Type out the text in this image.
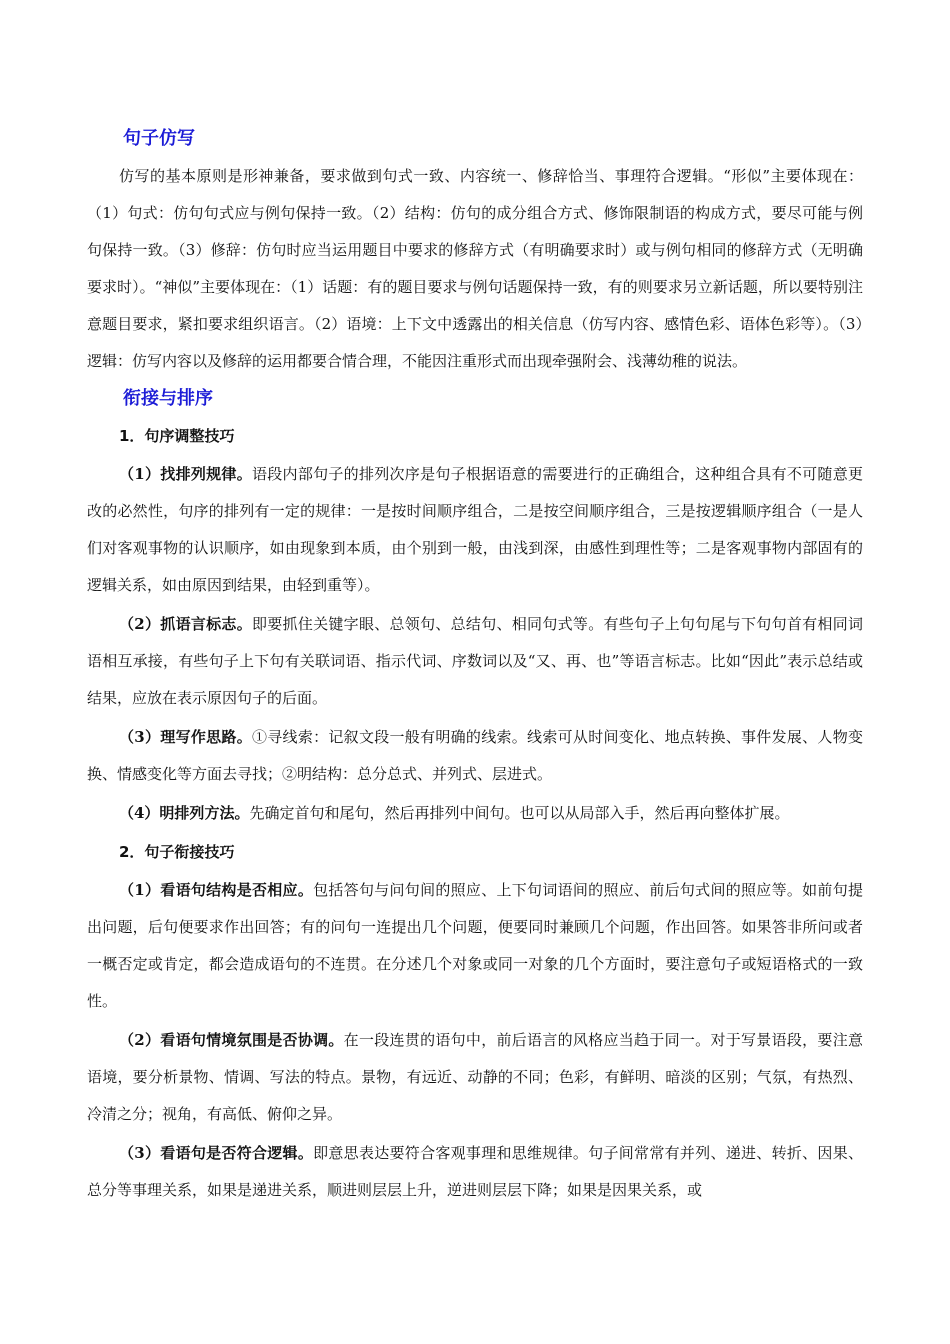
句子仿写

仿写的基本原则是形神兼备，要求做到句式一致、内容统一、修辞恰当、事理符合逻辑。“形似”主要体现在：（1）句式：仿句句式应与例句保持一致。（2）结构：仿句的成分组合方式、修饰限制语的构成方式，要尽可能与例句保持一致。（3）修辞：仿句时应当运用题目中要求的修辞方式（有明确要求时）或与例句相同的修辞方式（无明确要求时）。“神似”主要体现在：（1）话题：有的题目要求与例句话题保持一致，有的则要求另立新话题，所以要特别注意题目要求，紧扣要求组织语言。（2）语境：上下文中透露出的相关信息（仿写内容、感情色彩、语体色彩等）。（3）逻辑：仿写内容以及修辞的运用都要合情合理，不能因注重形式而出现牵强附会、浅薄幼稚的说法。

衔接与排序
1．句序调整技巧

（1）找排列规律。语段内部句子的排列次序是句子根据语意的需要进行的正确组合，这种组合具有不可随意更改的必然性，句序的排列有一定的规律：一是按时间顺序组合，二是按空间顺序组合，三是按逻辑顺序组合（一是人们对客观事物的认识顺序，如由现象到本质，由个别到一般，由浅到深，由感性到理性等；二是客观事物内部固有的逻辑关系，如由原因到结果，由轻到重等）。

（2）抓语言标志。即要抓住关键字眼、总领句、总结句、相同句式等。有些句子上句句尾与下句句首有相同词语相互承接，有些句子上下句有关联词语、指示代词、序数词以及“又、再、也”等语言标志。比如“因此”表示总结或结果，应放在表示原因句子的后面。

（3）理写作思路。①寻线索：记叙文段一般有明确的线索。线索可从时间变化、地点转换、事件发展、人物变换、情感变化等方面去寻找；②明结构：总分总式、并列式、层进式。

（4）明排列方法。先确定首句和尾句，然后再排列中间句。也可以从局部入手，然后再向整体扩展。

2．句子衔接技巧

（1）看语句结构是否相应。包括答句与问句间的照应、上下句词语间的照应、前后句式间的照应等。如前句提出问题，后句便要求作出回答；有的问句一连提出几个问题，便要同时兼顾几个问题，作出回答。如果答非所问或者一概否定或肯定，都会造成语句的不连贯。在分述几个对象或同一对象的几个方面时，要注意句子或短语格式的一致性。

（2）看语句情境氛围是否协调。在一段连贯的语句中，前后语言的风格应当趋于同一。对于写景语段，要注意语境，要分析景物、情调、写法的特点。景物，有远近、动静的不同；色彩，有鲜明、暗淡的区别；气氛，有热烈、冷清之分；视角，有高低、俯仰之异。

（3）看语句是否符合逻辑。即意思表达要符合客观事理和思维规律。句子间常常有并列、递进、转折、因果、总分等事理关系，如果是递进关系，顺进则层层上升，逆进则层层下降；如果是因果关系，或
